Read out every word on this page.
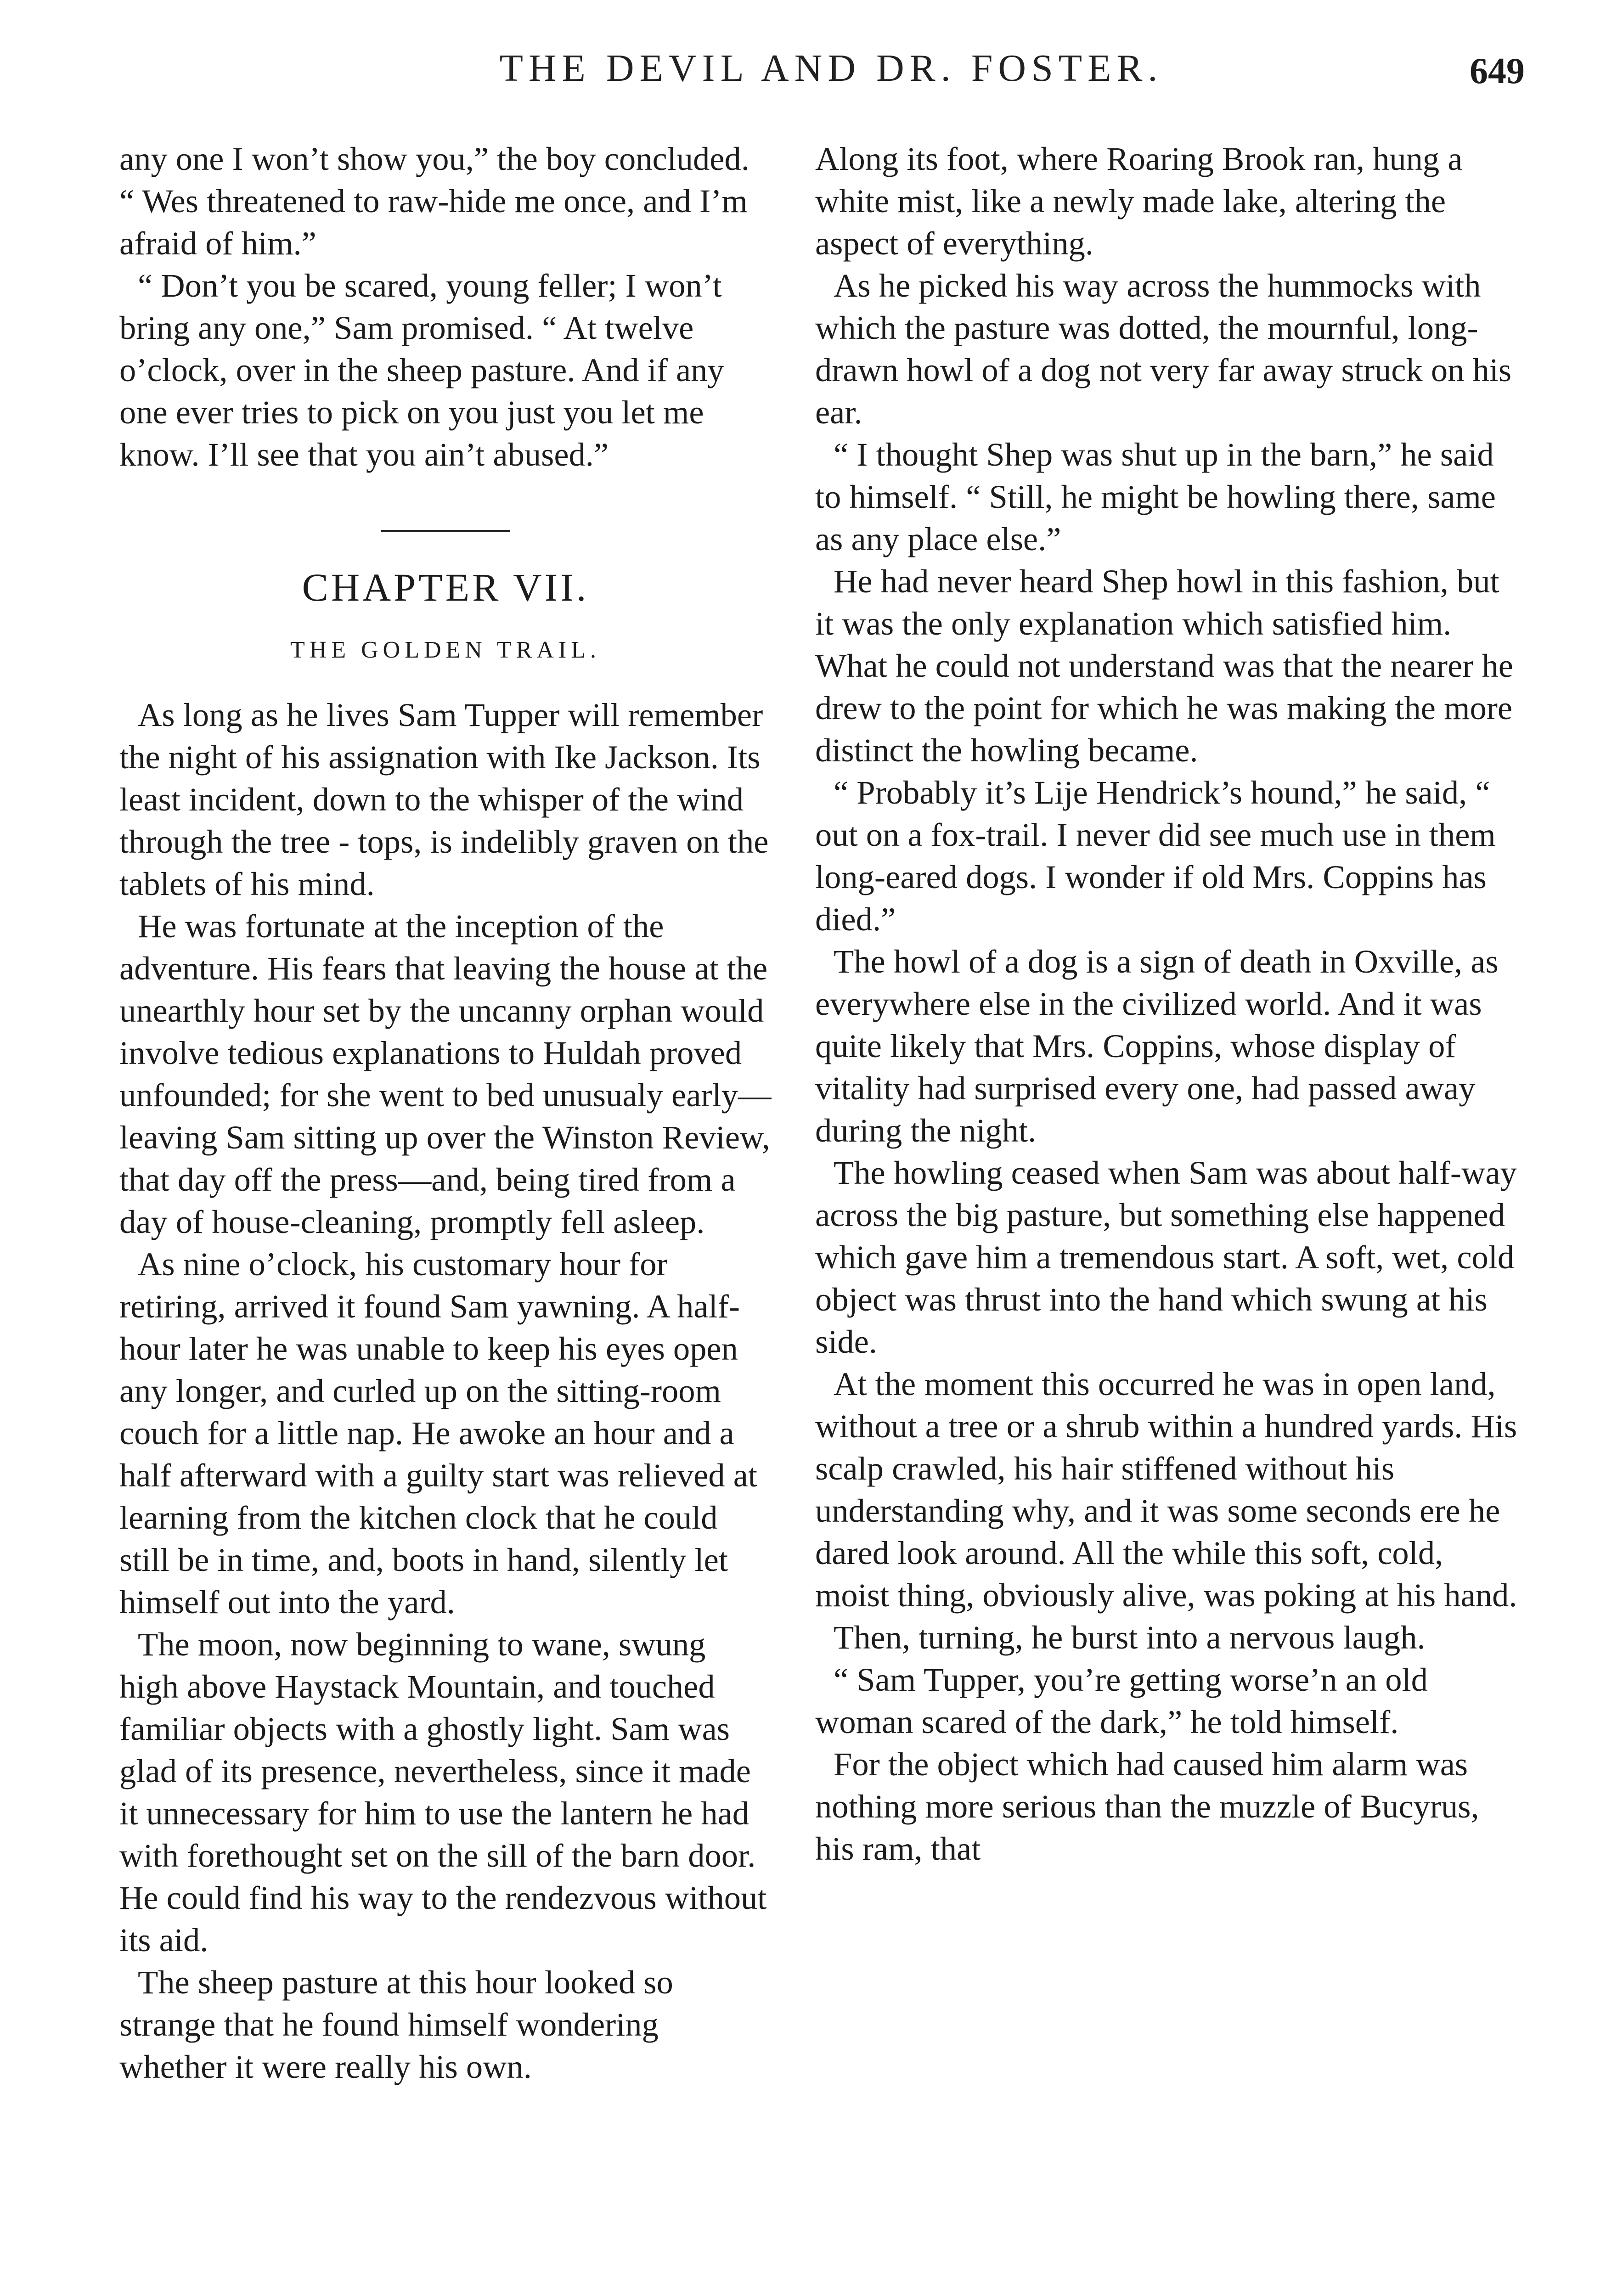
THE DEVIL AND DR. FOSTER.	649

any one I won’t show you,” the boy concluded. “ Wes threatened to raw-hide me once, and I’m afraid of him.”

“ Don’t you be scared, young feller; I won’t bring any one,” Sam promised. “ At twelve o’clock, over in the sheep pasture. And if any one ever tries to pick on you just you let me know. I’ll see that you ain’t abused.”

CHAPTER VII.
THE GOLDEN TRAIL.

As long as he lives Sam Tupper will remember the night of his assignation with Ike Jackson. Its least incident, down to the whisper of the wind through the tree - tops, is indelibly graven on the tablets of his mind.

He was fortunate at the inception of the adventure. His fears that leaving the house at the unearthly hour set by the uncanny orphan would involve tedious explanations to Huldah proved unfounded; for she went to bed unusualy early—leaving Sam sitting up over the Winston Review, that day off the press—and, being tired from a day of house-cleaning, promptly fell asleep.

As nine o’clock, his customary hour for retiring, arrived it found Sam yawning. A half-hour later he was unable to keep his eyes open any longer, and curled up on the sitting-room couch for a little nap. He awoke an hour and a half afterward with a guilty start was relieved at learning from the kitchen clock that he could still be in time, and, boots in hand, silently let himself out into the yard.

The moon, now beginning to wane, swung high above Haystack Mountain, and touched familiar objects with a ghostly light. Sam was glad of its presence, nevertheless, since it made it unnecessary for him to use the lantern he had with forethought set on the sill of the barn door. He could find his way to the rendezvous without its aid.

The sheep pasture at this hour looked so strange that he found himself wondering whether it were really his own.

Along its foot, where Roaring Brook ran, hung a white mist, like a newly made lake, altering the aspect of everything.

As he picked his way across the hummocks with which the pasture was dotted, the mournful, long-drawn howl of a dog not very far away struck on his ear.

“ I thought Shep was shut up in the barn,” he said to himself. “ Still, he might be howling there, same as any place else.”

He had never heard Shep howl in this fashion, but it was the only explanation which satisfied him. What he could not understand was that the nearer he drew to the point for which he was making the more distinct the howling became.

“ Probably it’s Lije Hendrick’s hound,” he said, “ out on a fox-trail. I never did see much use in them long-eared dogs. I wonder if old Mrs. Coppins has died.”

The howl of a dog is a sign of death in Oxville, as everywhere else in the civilized world. And it was quite likely that Mrs. Coppins, whose display of vitality had surprised every one, had passed away during the night.

The howling ceased when Sam was about half-way across the big pasture, but something else happened which gave him a tremendous start. A soft, wet, cold object was thrust into the hand which swung at his side.

At the moment this occurred he was in open land, without a tree or a shrub within a hundred yards. His scalp crawled, his hair stiffened without his understanding why, and it was some seconds ere he dared look around. All the while this soft, cold, moist thing, obviously alive, was poking at his hand.

Then, turning, he burst into a nervous laugh.

“ Sam Tupper, you’re getting worse’n an old woman scared of the dark,” he told himself.

For the object which had caused him alarm was nothing more serious than the muzzle of Bucyrus, his ram, that
